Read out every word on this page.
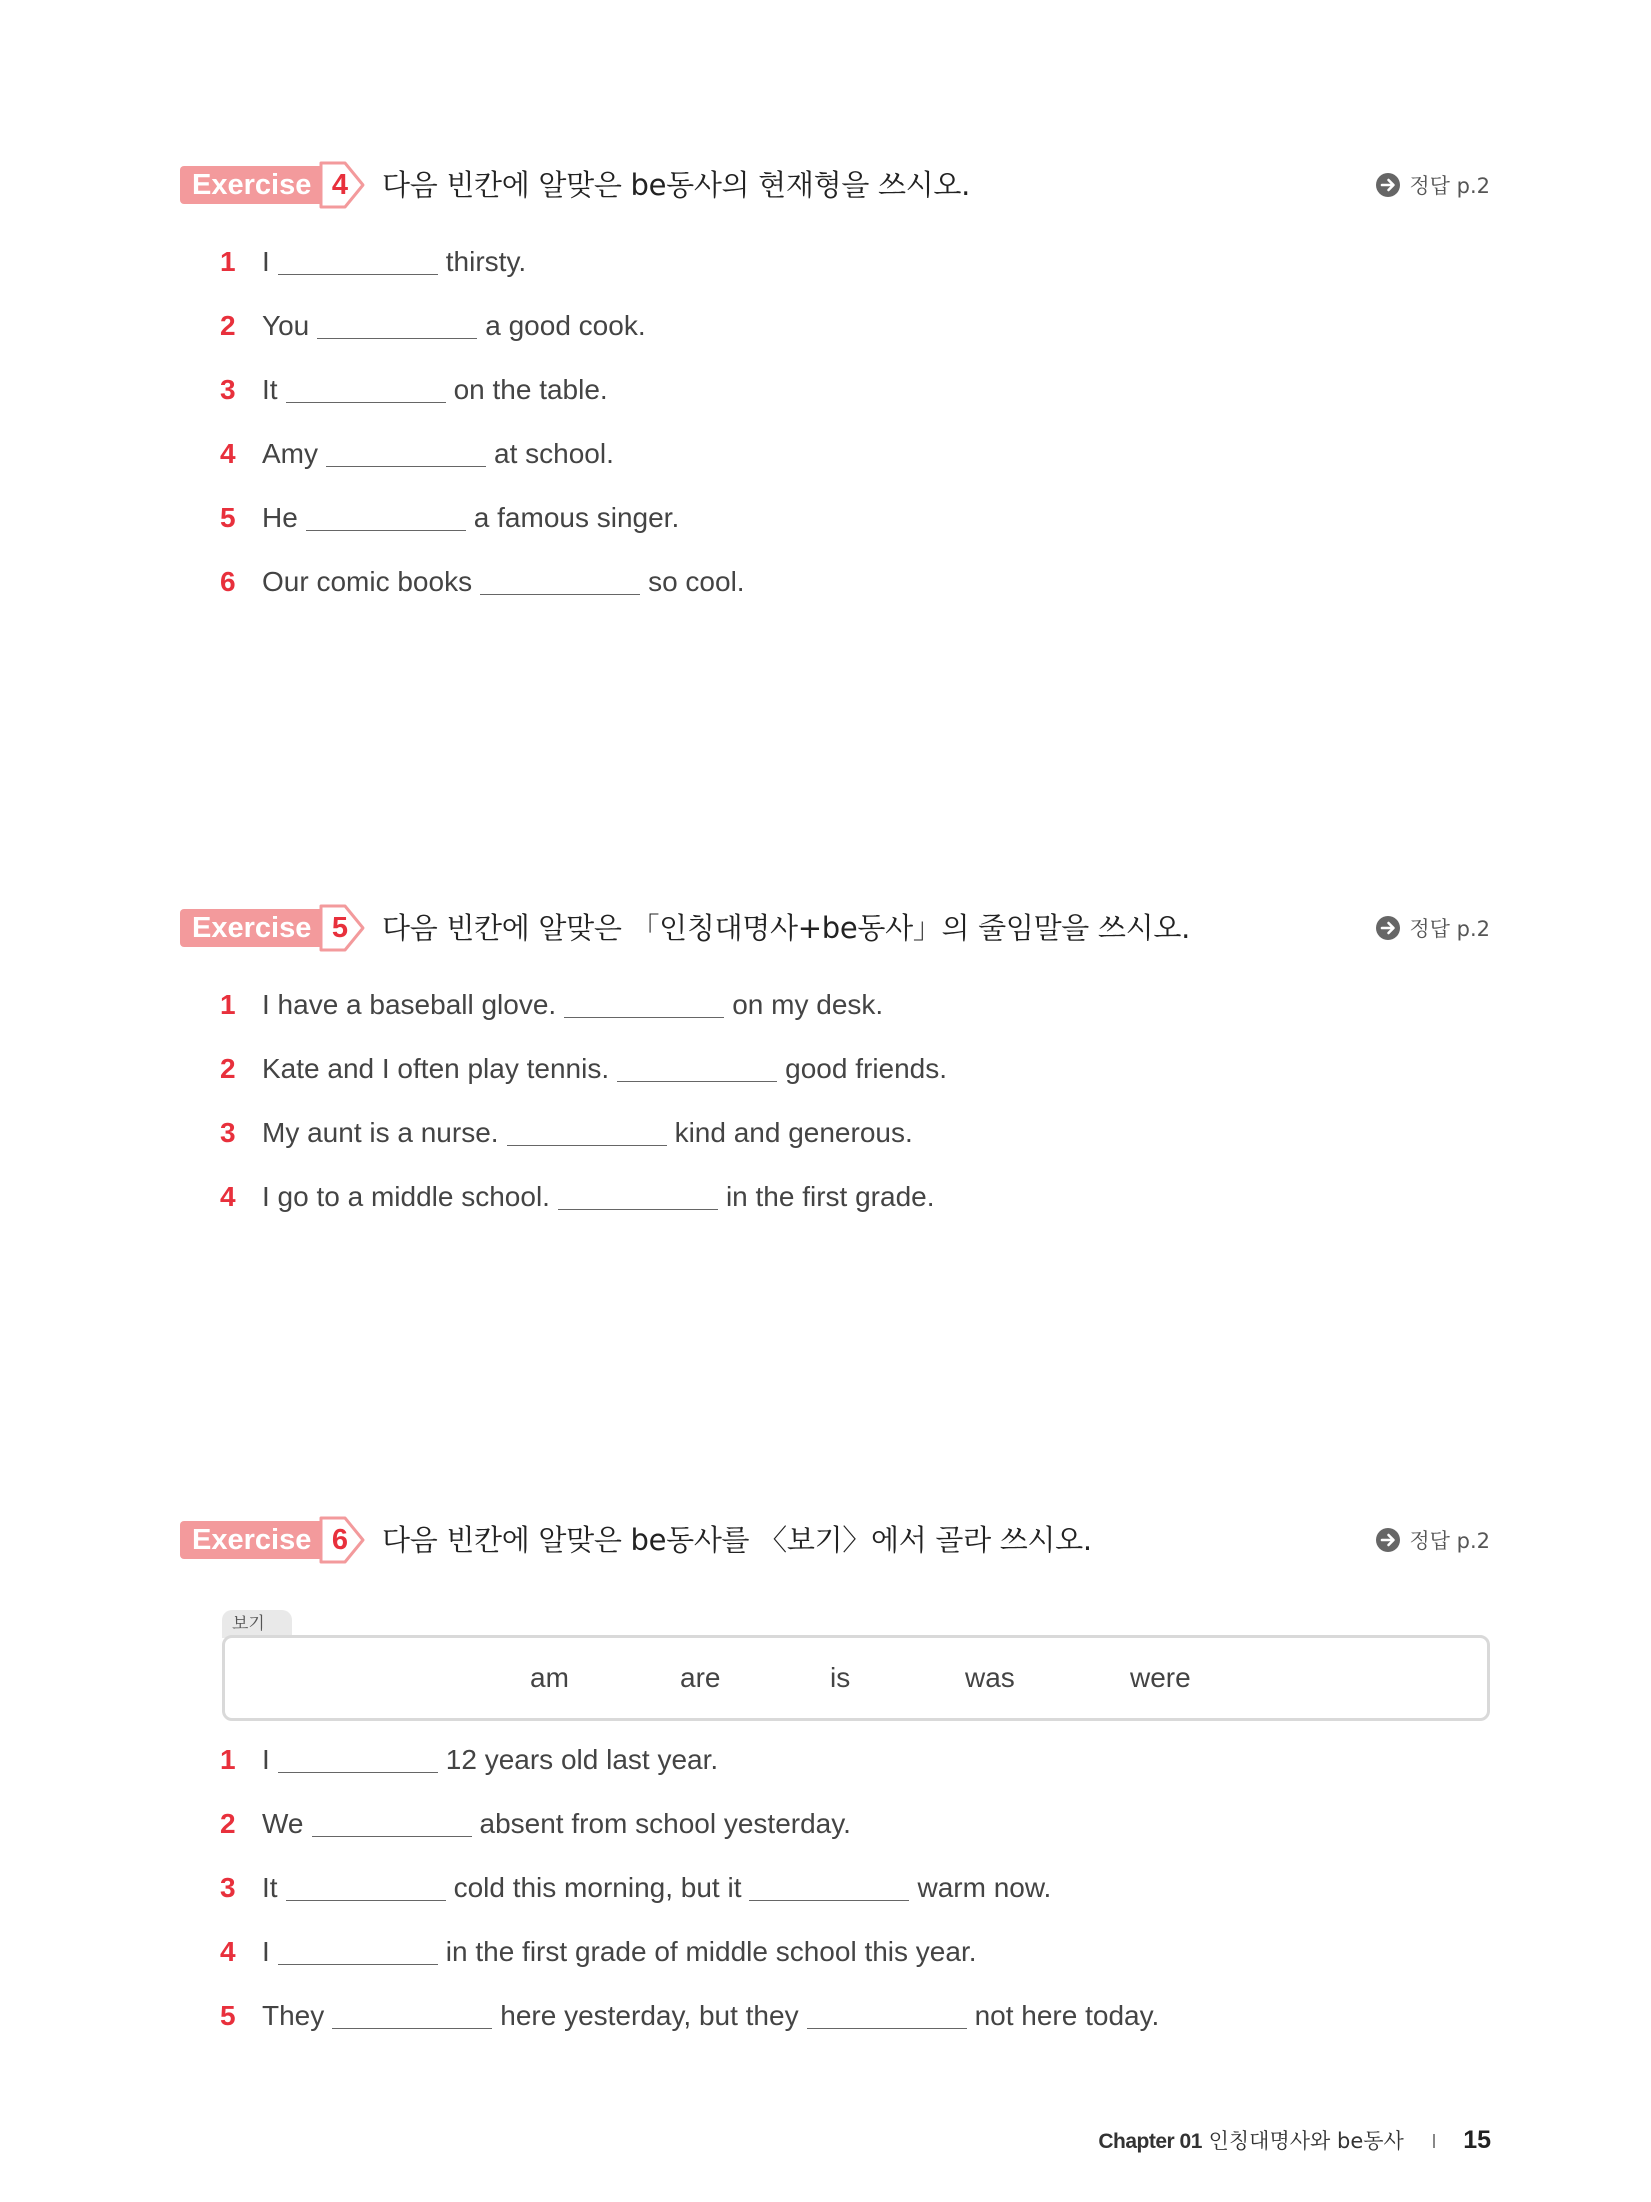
Exercise 4	다음 빈칸에 알맞은 be동사의 현재형을 쓰시오.	정답 p.2
1 I	thirsty.
2 You	a good cook.
3 It	on the table.
4 Amy	at school.
5 He	a famous singer.
6 Our comic books	so cool.
Exercise 5	다음 빈칸에 알맞은 「인칭대명사+be동사」의 줄임말을 쓰시오.	정답 p.2
1 I have a baseball glove.	on my desk.
2 Kate and I often play tennis.	good friends.
3 My aunt is a nurse.	kind and generous.
4 I go to a middle school.	in the first grade.
Exercise 6	다음 빈칸에 알맞은 be동사를 〈보기〉에서 골라 쓰시오.	정답 p.2
보기
am	are	is	was	were
1 I	12 years old last year.
2 We	absent from school yesterday.
3 It	cold this morning, but it	warm now.
4 I	in the first grade of middle school this year.
5 They	here yesterday, but they	not here today.
Chapter 01 인칭대명사와 be동사 15
